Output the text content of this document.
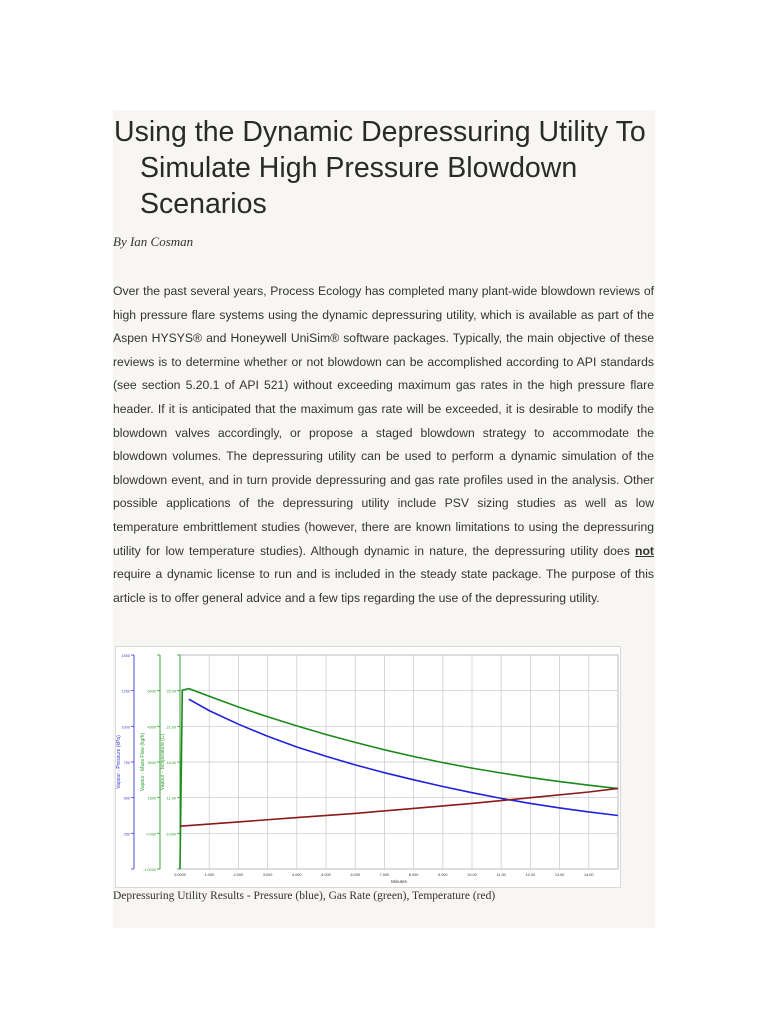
Using the Dynamic Depressuring Utility To Simulate High Pressure Blowdown Scenarios
By Ian Cosman

Over the past several years, Process Ecology has completed many plant-wide blowdown reviews of high pressure flare systems using the dynamic depressuring utility, which is available as part of the Aspen HYSYS® and Honeywell UniSim® software packages. Typically, the main objective of these reviews is to determine whether or not blowdown can be accomplished according to API standards (see section 5.20.1 of API 521) without exceeding maximum gas rates in the high pressure flare header. If it is anticipated that the maximum gas rate will be exceeded, it is desirable to modify the blowdown valves accordingly, or propose a staged blowdown strategy to accommodate the blowdown volumes. The depressuring utility can be used to perform a dynamic simulation of the blowdown event, and in turn provide depressuring and gas rate profiles used in the analysis. Other possible applications of the depressuring utility include PSV sizing studies as well as low temperature embrittlement studies (however, there are known limitations to using the depressuring utility for low temperature studies). Although dynamic in nature, the depressuring utility does not require a dynamic license to run and is included in the steady state package. The purpose of this article is to offer general advice and a few tips regarding the use of the depressuring utility.

1500
1250
1000
750
500
250
Vapour - Pressure (kPa)
6000
4500
3000
1500
0.000
-1.0000
Vapour - Mass Flow (kg/h)
25.00
21.00
16.00
11.00
6.000
Vapour - Temperature (C)
0.0000	1.000	2.000	3.000	4.000	5.000	6.000	7.000	8.000	9.000	10.00	11.00	12.00	13.00	14.00
Minutes
Depressuring Utility Results - Pressure (blue), Gas Rate (green), Temperature (red)
